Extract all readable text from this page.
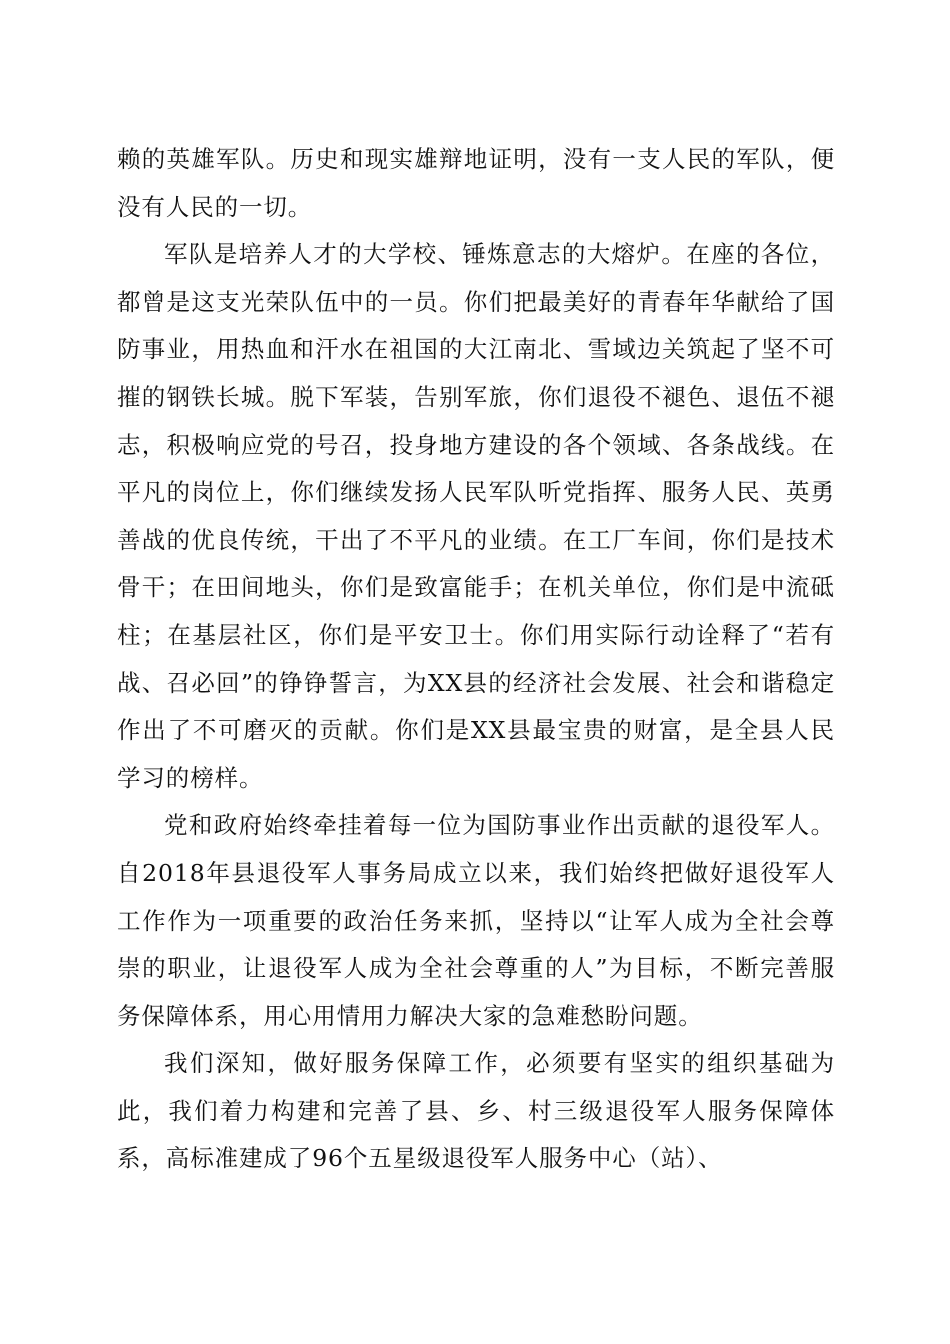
赖的英雄军队。历史和现实雄辩地证明，没有一支人民的军队，便没有人民的一切。

军队是培养人才的大学校、锤炼意志的大熔炉。在座的各位，都曾是这支光荣队伍中的一员。你们把最美好的青春年华献给了国防事业，用热血和汗水在祖国的大江南北、雪域边关筑起了坚不可摧的钢铁长城。脱下军装，告别军旅，你们退役不褪色、退伍不褪志，积极响应党的号召，投身地方建设的各个领域、各条战线。在平凡的岗位上，你们继续发扬人民军队听党指挥、服务人民、英勇善战的优良传统，干出了不平凡的业绩。在工厂车间，你们是技术骨干；在田间地头，你们是致富能手；在机关单位，你们是中流砥柱；在基层社区，你们是平安卫士。你们用实际行动诠释了“若有战、召必回”的铮铮誓言，为XX县的经济社会发展、社会和谐稳定作出了不可磨灭的贡献。你们是XX县最宝贵的财富，是全县人民学习的榜样。

党和政府始终牵挂着每一位为国防事业作出贡献的退役军人。自2018年县退役军人事务局成立以来，我们始终把做好退役军人工作作为一项重要的政治任务来抓，坚持以“让军人成为全社会尊崇的职业，让退役军人成为全社会尊重的人”为目标，不断完善服务保障体系，用心用情用力解决大家的急难愁盼问题。

我们深知，做好服务保障工作，必须要有坚实的组织基础为此，我们着力构建和完善了县、乡、村三级退役军人服务保障体系，高标准建成了96个五星级退役军人服务中心（站）、
